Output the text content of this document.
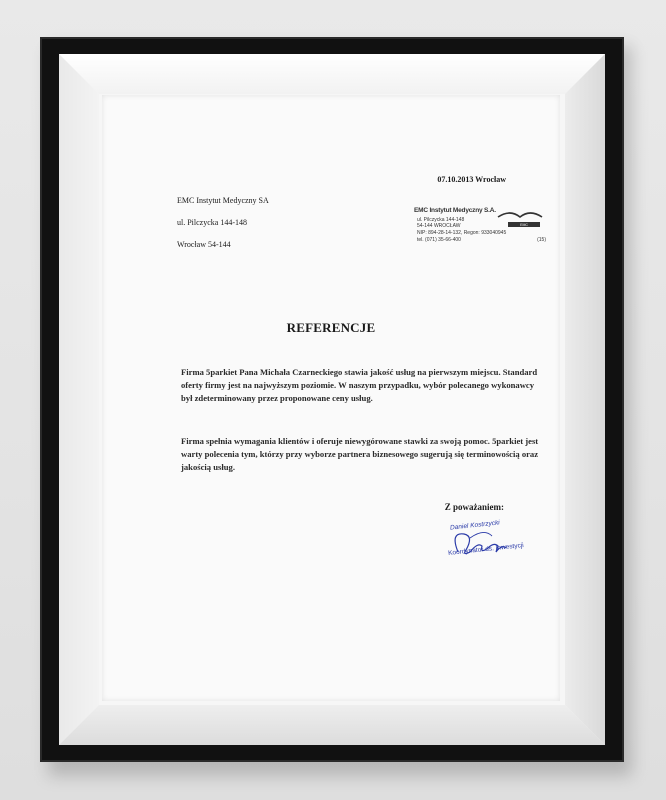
07.10.2013 Wrocław
EMC Instytut Medyczny SA
ul. Pilczycka 144-148
Wrocław 54-144
EMC Instytut Medyczny S.A.
ul. Pilczycka 144-148
54-144 WROCŁAW
NIP: 894-28-14-132, Regon: 933040945
tel. (071) 35-66-400	(15)
EMC
REFERENCJE

Firma 5parkiet Pana Michała Czarneckiego stawia jakość usług na pierwszym miejscu. Standard oferty firmy jest na najwyższym poziomie. W naszym przypadku, wybór polecanego wykonawcy był zdeterminowany przez proponowane ceny usług.

Firma spełnia wymagania klientów i oferuje niewygórowane stawki za swoją pomoc. 5parkiet jest warty polecenia tym, którzy przy wyborze partnera biznesowego sugerują się terminowością oraz jakością usług.

Z poważaniem:
Daniel Kostrzycki
Koordynator ds. Inwestycji
